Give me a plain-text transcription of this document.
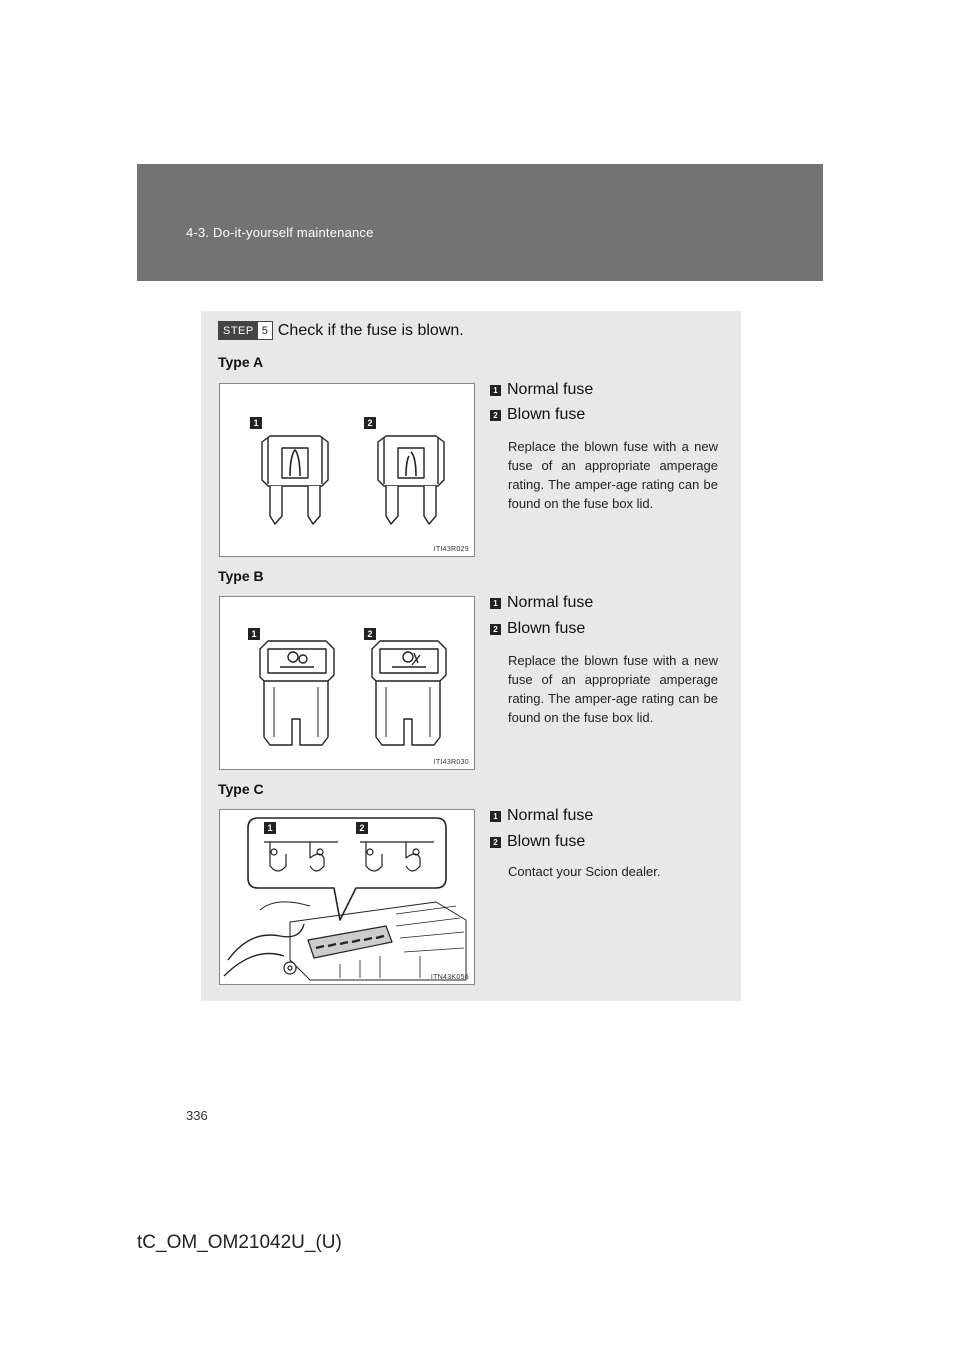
4-3. Do-it-yourself maintenance
STEP 5 Check if the fuse is blown.
Type A
1	2
ITI43R029
1 Normal fuse
2 Blown fuse
Replace the blown fuse with a new fuse of an appropriate amperage rating. The amper-age rating can be found on the fuse box lid.
Type B
1	2
ITI43R030
1 Normal fuse
2 Blown fuse
Replace the blown fuse with a new fuse of an appropriate amperage rating. The amper-age rating can be found on the fuse box lid.
Type C
1	2
ITN43K056
1 Normal fuse
2 Blown fuse
Contact your Scion dealer.
336
tC_OM_OM21042U_(U)
